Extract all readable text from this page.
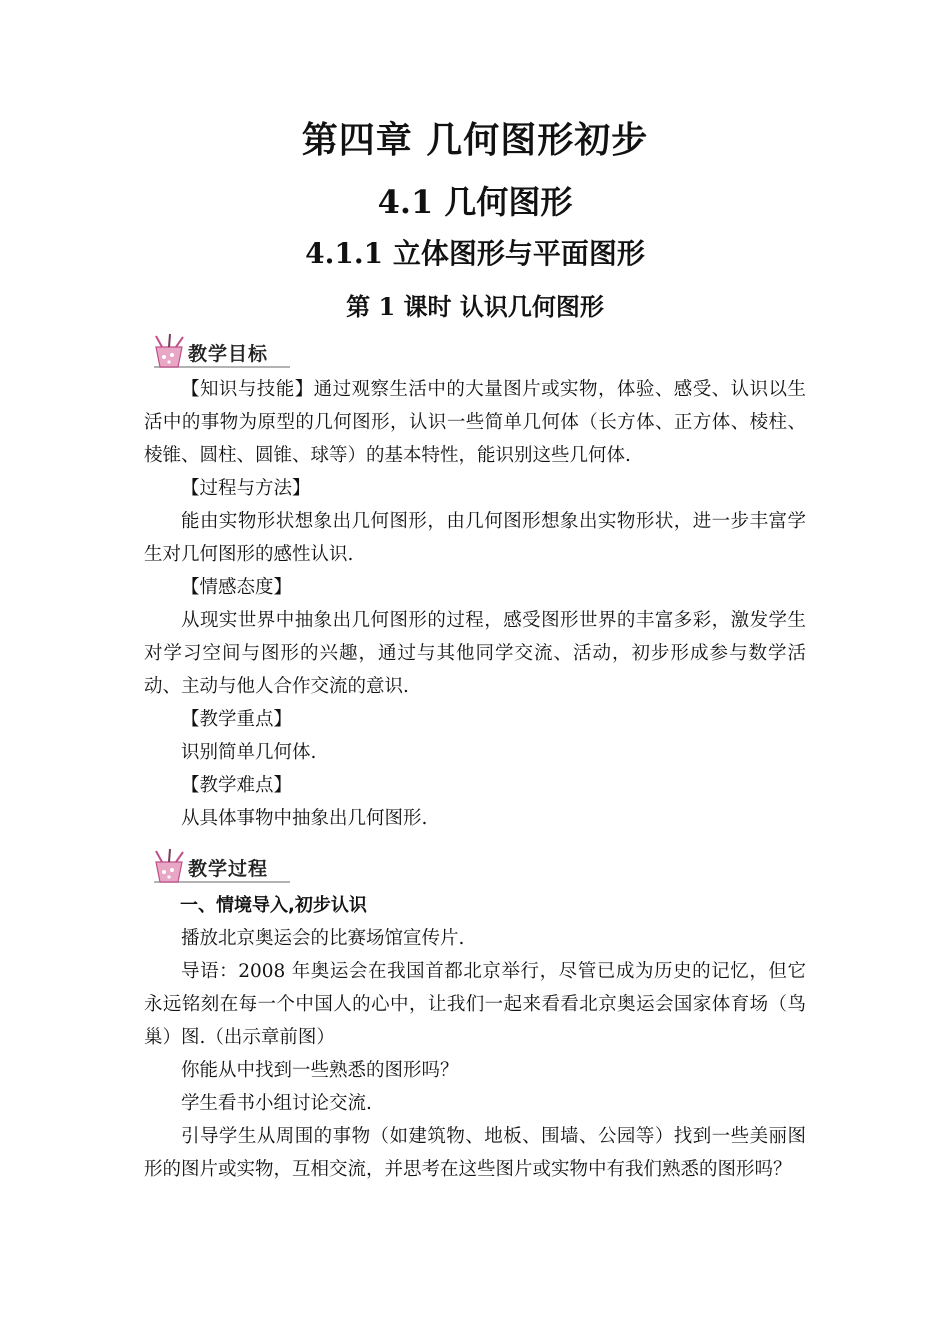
第四章 几何图形初步
4.1 几何图形
4.1.1 立体图形与平面图形
第 1 课时 认识几何图形
教学目标

【知识与技能】通过观察生活中的大量图片或实物，体验、感受、认识以生活中的事物为原型的几何图形，认识一些简单几何体（长方体、正方体、棱柱、棱锥、圆柱、圆锥、球等）的基本特性，能识别这些几何体.

【过程与方法】

能由实物形状想象出几何图形，由几何图形想象出实物形状，进一步丰富学生对几何图形的感性认识.

【情感态度】

从现实世界中抽象出几何图形的过程，感受图形世界的丰富多彩，激发学生对学习空间与图形的兴趣，通过与其他同学交流、活动，初步形成参与数学活动、主动与他人合作交流的意识.

【教学重点】

识别简单几何体.

【教学难点】

从具体事物中抽象出几何图形.

教学过程

一、情境导入,初步认识

播放北京奥运会的比赛场馆宣传片.

导语：2008 年奥运会在我国首都北京举行，尽管已成为历史的记忆，但它永远铭刻在每一个中国人的心中，让我们一起来看看北京奥运会国家体育场（鸟巢）图.（出示章前图）

你能从中找到一些熟悉的图形吗？

学生看书小组讨论交流.

引导学生从周围的事物（如建筑物、地板、围墙、公园等）找到一些美丽图形的图片或实物，互相交流，并思考在这些图片或实物中有我们熟悉的图形吗？
